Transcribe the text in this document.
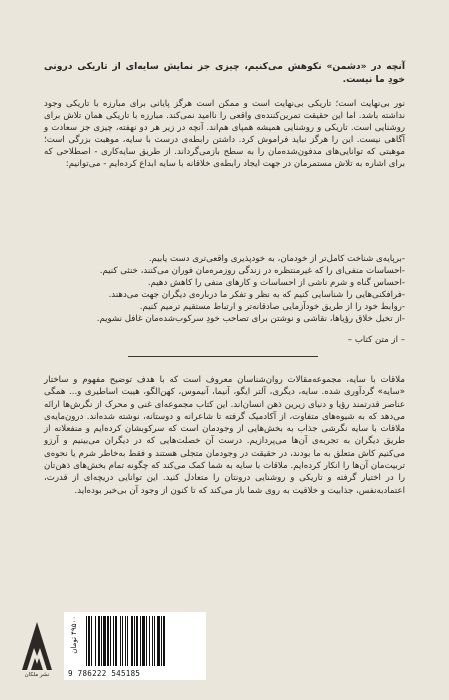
آنچه در «دشمن» نکوهش می‌کنیم، چیزی جز نمایش سایه‌ای از تاریکی درونی خودِ ما نیست.

نور بی‌نهایت است؛ تاریکی بی‌نهایت است و ممکن است هرگز پایانی برای مبارزه با تاریکی وجود نداشته باشد. اما این حقیقت تمرین‌کننده‌ی واقعی را ناامید نمی‌کند. مبارزه با تاریکی همان تلاش برای روشنایی است. تاریکی و روشنایی همیشه همپای هم‌اند. آنچه در زیر هر دو نهفته، چیزی جز سعادت و آگاهی نیست. این را هرگز نباید فراموش کرد. داشتن رابطه‌ی درست با سایه، موهبت بزرگی است؛ موهبتی که توانایی‌های مدفون‌شده‌مان را به سطح بازمی‌گرداند. از طریق سایه‌کاری - اصطلاحی که برای اشاره به تلاش مستمرمان در جهت ایجاد رابطه‌ی خلاقانه با سایه ابداع کرده‌ایم - می‌توانیم:

-برپایه‌ی شناخت کامل‌تر از خودمان، به خودپذیری واقعی‌تری دست یابیم.
-احساسات منفی‌ای را که غیرمنتظره در زندگی روزمره‌مان فوران می‌کنند، خنثی کنیم.
-احساس گناه و شرم ناشی از احساسات و کارهای منفی را کاهش دهیم.
-فرافکنی‌هایی را شناسایی کنیم که به نظر و تفکر ما درباره‌ی دیگران جهت می‌دهند.
-روابط خود را از طریق خودآزمایی صادقانه‌تر و ارتباط مستقیم ترمیم کنیم.
-از تخیل خلاق رؤیاها، نقاشی و نوشتن برای تصاحب خودِ سرکوب‌شده‌مان غافل نشویم.
– از متن کتاب –

ملاقات با سایه، مجموعه‌مقالات روان‌شناسان معروف است که با هدف توضیح مفهوم و ساختار «سایه» گردآوری شده. سایه، دیگری، آلتر ایگو، آنیما، آنیموس، کهن‌الگو، هیبت اساطیری و... همگی عناصر قدرتمند رؤیا و دنیای زیرین ذهن انسان‌اند. این کتاب مجموعه‌ای غنی و محرک از نگرش‌ها ارائه می‌دهد که به شیوه‌های متفاوت، از آکادمیک گرفته تا شاعرانه و دوستانه، نوشته شده‌اند. درون‌مایه‌ی ملاقات با سایه نگرشی جذاب به بخش‌هایی از وجودمان است که سرکوبشان کرده‌ایم و منفعلانه از طریق دیگران به تجربه‌ی آن‌ها می‌پردازیم. درست آن خصلت‌هایی که در دیگران می‌بینیم و آرزو می‌کنیم کاش متعلق به ما بودند، در حقیقت در وجودمان متجلی هستند و فقط به‌خاطر شرم یا نحوه‌ی تربیت‌مان آن‌ها را انکار کرده‌ایم. ملاقات با سایه به شما کمک می‌کند که چگونه تمام بخش‌های ذهن‌تان را در اختیار گرفته و تاریکی و روشنایی درونتان را متعادل کنید. این توانایی دریچه‌ای از قدرت، اعتمادبه‌نفس، جذابیت و خلاقیت به روی شما باز می‌کند که تا کنون از وجود آن بی‌خبر بوده‌اید.

نشر ملکان
۴۹۵۰۰ تومان
9 786222 545185
